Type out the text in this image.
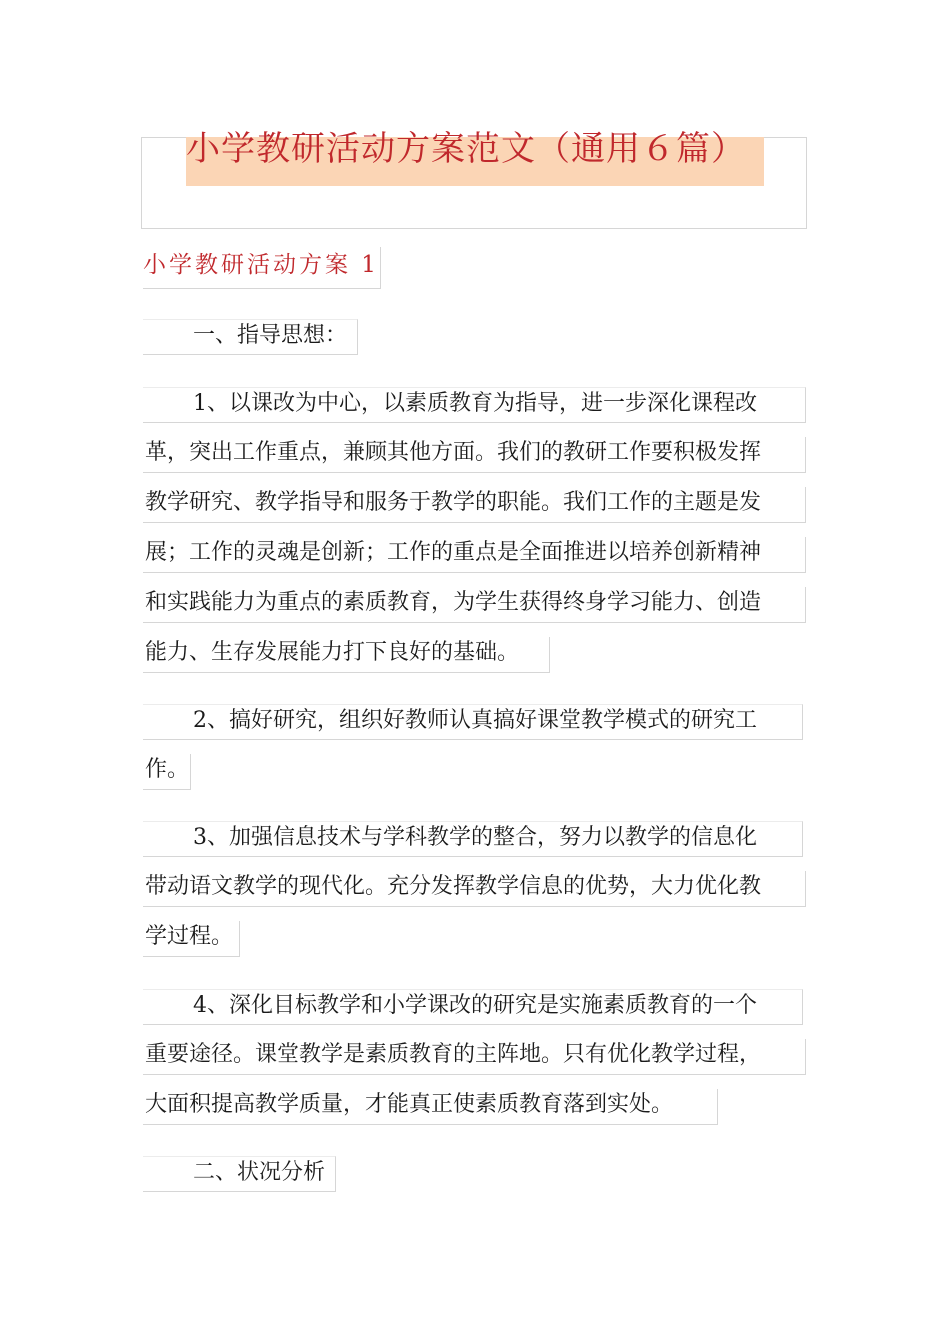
小学教研活动方案范文（通用６篇）
小学教研活动方案 1
一、指导思想：
1、以课改为中心，以素质教育为指导，进一步深化课程改
革，突出工作重点，兼顾其他方面。我们的教研工作要积极发挥
教学研究、教学指导和服务于教学的职能。我们工作的主题是发
展；工作的灵魂是创新；工作的重点是全面推进以培养创新精神
和实践能力为重点的素质教育，为学生获得终身学习能力、创造
能力、生存发展能力打下良好的基础。
2、搞好研究，组织好教师认真搞好课堂教学模式的研究工
作。
3、加强信息技术与学科教学的整合，努力以教学的信息化
带动语文教学的现代化。充分发挥教学信息的优势，大力优化教
学过程。
4、深化目标教学和小学课改的研究是实施素质教育的一个
重要途径。课堂教学是素质教育的主阵地。只有优化教学过程，
大面积提高教学质量，才能真正使素质教育落到实处。
二、状况分析
